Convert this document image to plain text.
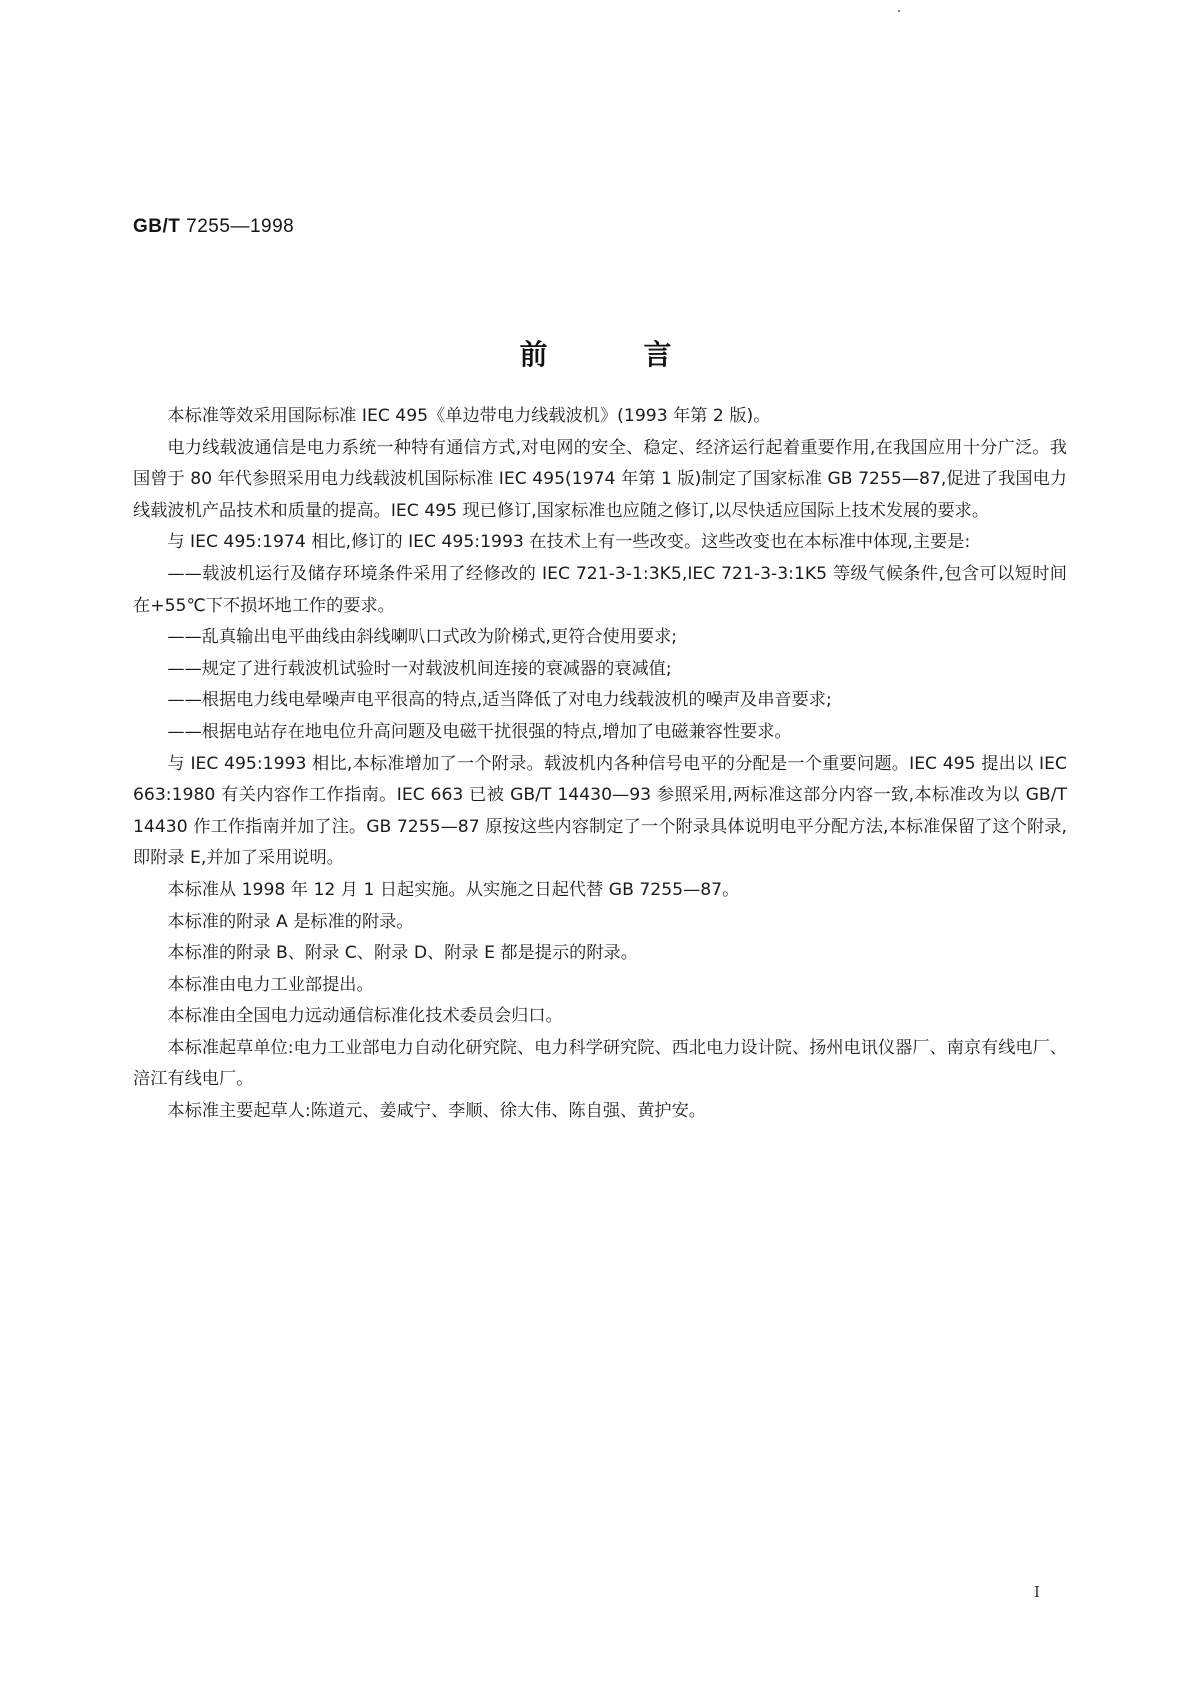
GB/T 7255—1998
前	言

本标准等效采用国际标准 IEC 495《单边带电力线载波机》(1993 年第 2 版)。

电力线载波通信是电力系统一种特有通信方式,对电网的安全、稳定、经济运行起着重要作用,在我国应用十分广泛。我国曾于 80 年代参照采用电力线载波机国际标准 IEC 495(1974 年第 1 版)制定了国家标准 GB 7255—87,促进了我国电力线载波机产品技术和质量的提高。IEC 495 现已修订,国家标准也应随之修订,以尽快适应国际上技术发展的要求。

与 IEC 495:1974 相比,修订的 IEC 495:1993 在技术上有一些改变。这些改变也在本标准中体现,主要是:

——载波机运行及储存环境条件采用了经修改的 IEC 721-3-1:3K5,IEC 721-3-3:1K5 等级气候条件,包含可以短时间在+55℃下不损坏地工作的要求。

——乱真输出电平曲线由斜线喇叭口式改为阶梯式,更符合使用要求;

——规定了进行载波机试验时一对载波机间连接的衰减器的衰减值;

——根据电力线电晕噪声电平很高的特点,适当降低了对电力线载波机的噪声及串音要求;

——根据电站存在地电位升高问题及电磁干扰很强的特点,增加了电磁兼容性要求。

与 IEC 495:1993 相比,本标准增加了一个附录。载波机内各种信号电平的分配是一个重要问题。IEC 495 提出以 IEC 663:1980 有关内容作工作指南。IEC 663 已被 GB/T 14430—93 参照采用,两标准这部分内容一致,本标准改为以 GB/T 14430 作工作指南并加了注。GB 7255—87 原按这些内容制定了一个附录具体说明电平分配方法,本标准保留了这个附录,即附录 E,并加了采用说明。

本标准从 1998 年 12 月 1 日起实施。从实施之日起代替 GB 7255—87。

本标准的附录 A 是标准的附录。

本标准的附录 B、附录 C、附录 D、附录 E 都是提示的附录。

本标准由电力工业部提出。

本标准由全国电力远动通信标准化技术委员会归口。

本标准起草单位:电力工业部电力自动化研究院、电力科学研究院、西北电力设计院、扬州电讯仪器厂、南京有线电厂、涪江有线电厂。

本标准主要起草人:陈道元、姜咸宁、李顺、徐大伟、陈自强、黄护安。

I
